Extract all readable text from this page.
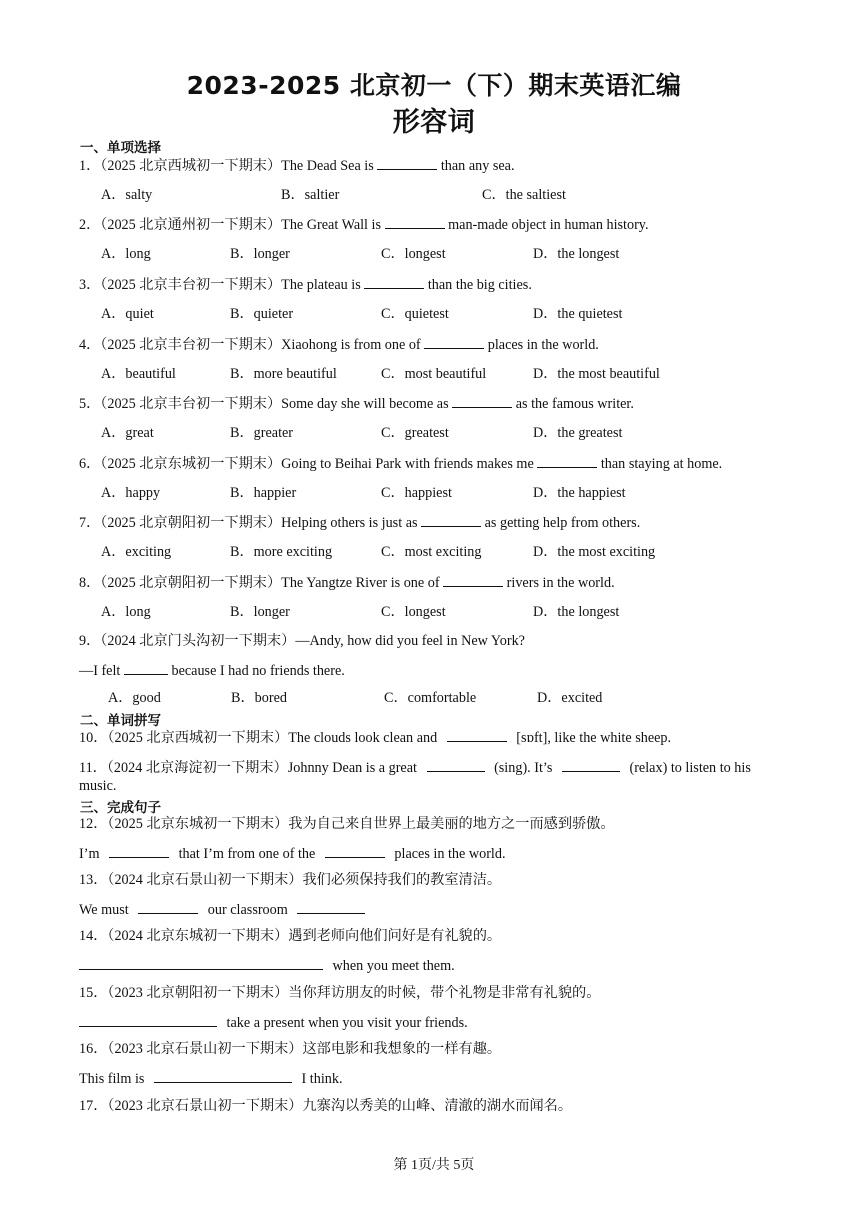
2023-2025 北京初一（下）期末英语汇编
形容词
一、单项选择
1．（2025 北京西城初一下期末）The Dead Sea is	than any sea.
A．salty	B．saltier	C．the saltiest
2．（2025 北京通州初一下期末）The Great Wall is	man-made object in human history.
A．long	B．longer	C．longest	D．the longest
3．（2025 北京丰台初一下期末）The plateau is	than the big cities.
A．quiet	B．quieter	C．quietest	D．the quietest
4．（2025 北京丰台初一下期末）Xiaohong is from one of	places in the world.
A．beautiful	B．more beautiful	C．most beautiful	D．the most beautiful
5．（2025 北京丰台初一下期末）Some day she will become as	as the famous writer.
A．great	B．greater	C．greatest	D．the greatest
6．（2025 北京东城初一下期末）Going to Beihai Park with friends makes me	than staying at home.
A．happy	B．happier	C．happiest	D．the happiest
7．（2025 北京朝阳初一下期末）Helping others is just as	as getting help from others.
A．exciting	B．more exciting	C．most exciting	D．the most exciting
8．（2025 北京朝阳初一下期末）The Yangtze River is one of	rivers in the world.
A．long	B．longer	C．longest	D．the longest
9．（2024 北京门头沟初一下期末）—Andy, how did you feel in New York?
—I felt	because I had no friends there.
A．good	B．bored	C．comfortable	D．excited
二、单词拼写
10．（2025 北京西城初一下期末）The clouds look clean and	[sɒft], like the white sheep.
11．（2024 北京海淀初一下期末）Johnny Dean is a great	(sing). It’s	(relax) to listen to his
music.
三、完成句子
12．（2025 北京东城初一下期末）我为自己来自世界上最美丽的地方之一而感到骄傲。
I’m	that I’m from one of the	places in the world.
13．（2024 北京石景山初一下期末）我们必须保持我们的教室清洁。
We must	our classroom
14．（2024 北京东城初一下期末）遇到老师向他们问好是有礼貌的。
when you meet them.
15．（2023 北京朝阳初一下期末）当你拜访朋友的时候，带个礼物是非常有礼貌的。
take a present when you visit your friends.
16．（2023 北京石景山初一下期末）这部电影和我想象的一样有趣。
This film is	I think.
17．（2023 北京石景山初一下期末）九寨沟以秀美的山峰、清澈的湖水而闻名。
第 1页/共 5页
